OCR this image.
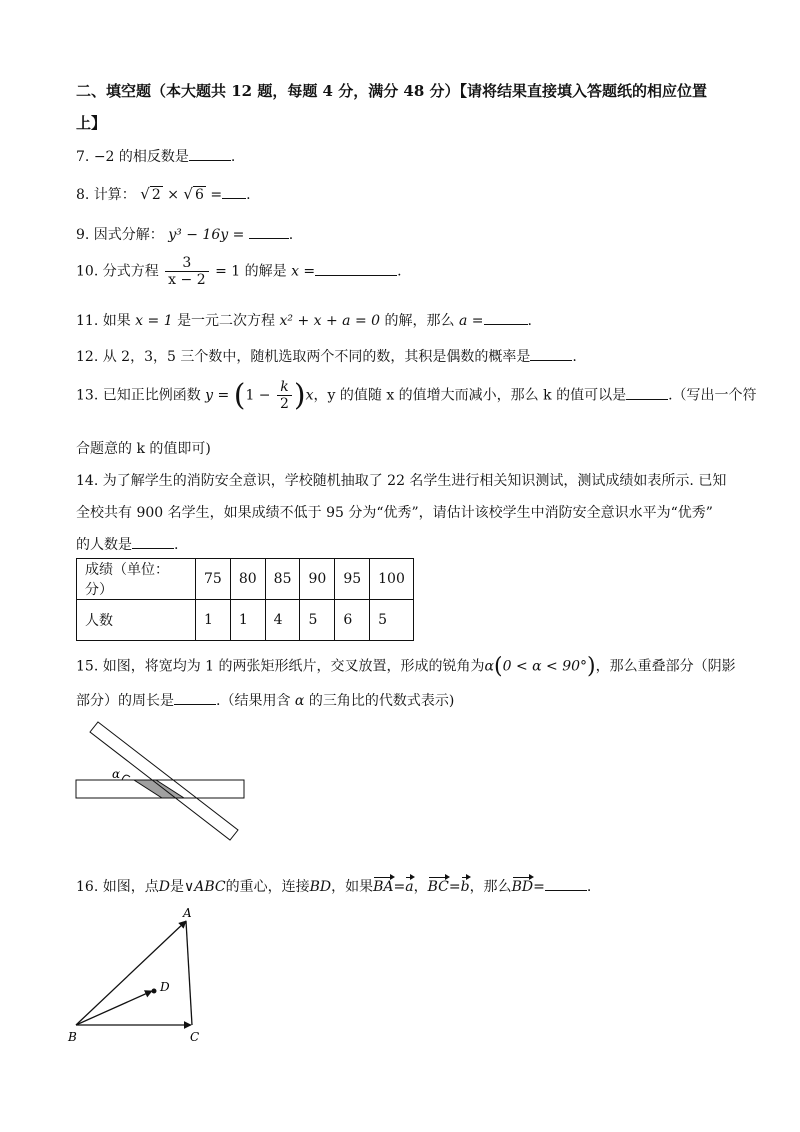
二、填空题（本大题共 12 题，每题 4 分，满分 48 分）【请将结果直接填入答题纸的相应位置
上】
7. −2 的相反数是	.
8. 计算： √ 2 × √ 6 = .
9. 因式分解： y³ − 16y =	.
10. 分式方程 $\frac{3}{x - 2} = 1$ 的解是 x =	.
11. 如果 x = 1 是一元二次方程 x² + x + a = 0 的解，那么 a =	.
12. 从 2，3，5 三个数中，随机选取两个不同的数，其积是偶数的概率是	.
13. 已知正比例函数 $y = (1 - \frac{k}{2} )x$，y 的值随 x 的值增大而减小，那么 k 的值可以是	.（写出一个符
合题意的 k 的值即可)
14. 为了解学生的消防安全意识，学校随机抽取了 22 名学生进行相关知识测试，测试成绩如表所示. 已知
全校共有 900 名学生，如果成绩不低于 95 分为“优秀”，请估计该校学生中消防安全意识水平为“优秀”
的人数是	.
成绩（单位：分）	75	80	85	90	95	100
人数	1	1	4	5	6	5
15. 如图，将宽均为 1 的两张矩形纸片，交叉放置，形成的锐角为α(0 < α < 90°)，那么重叠部分（阴影
部分）的周长是	.（结果用含 α 的三角比的代数式表示)
α
16. 如图，点D是∨ABC的重心，连接BD，如果BA=a，BC=b，那么BD=	.
A
B	C
D
